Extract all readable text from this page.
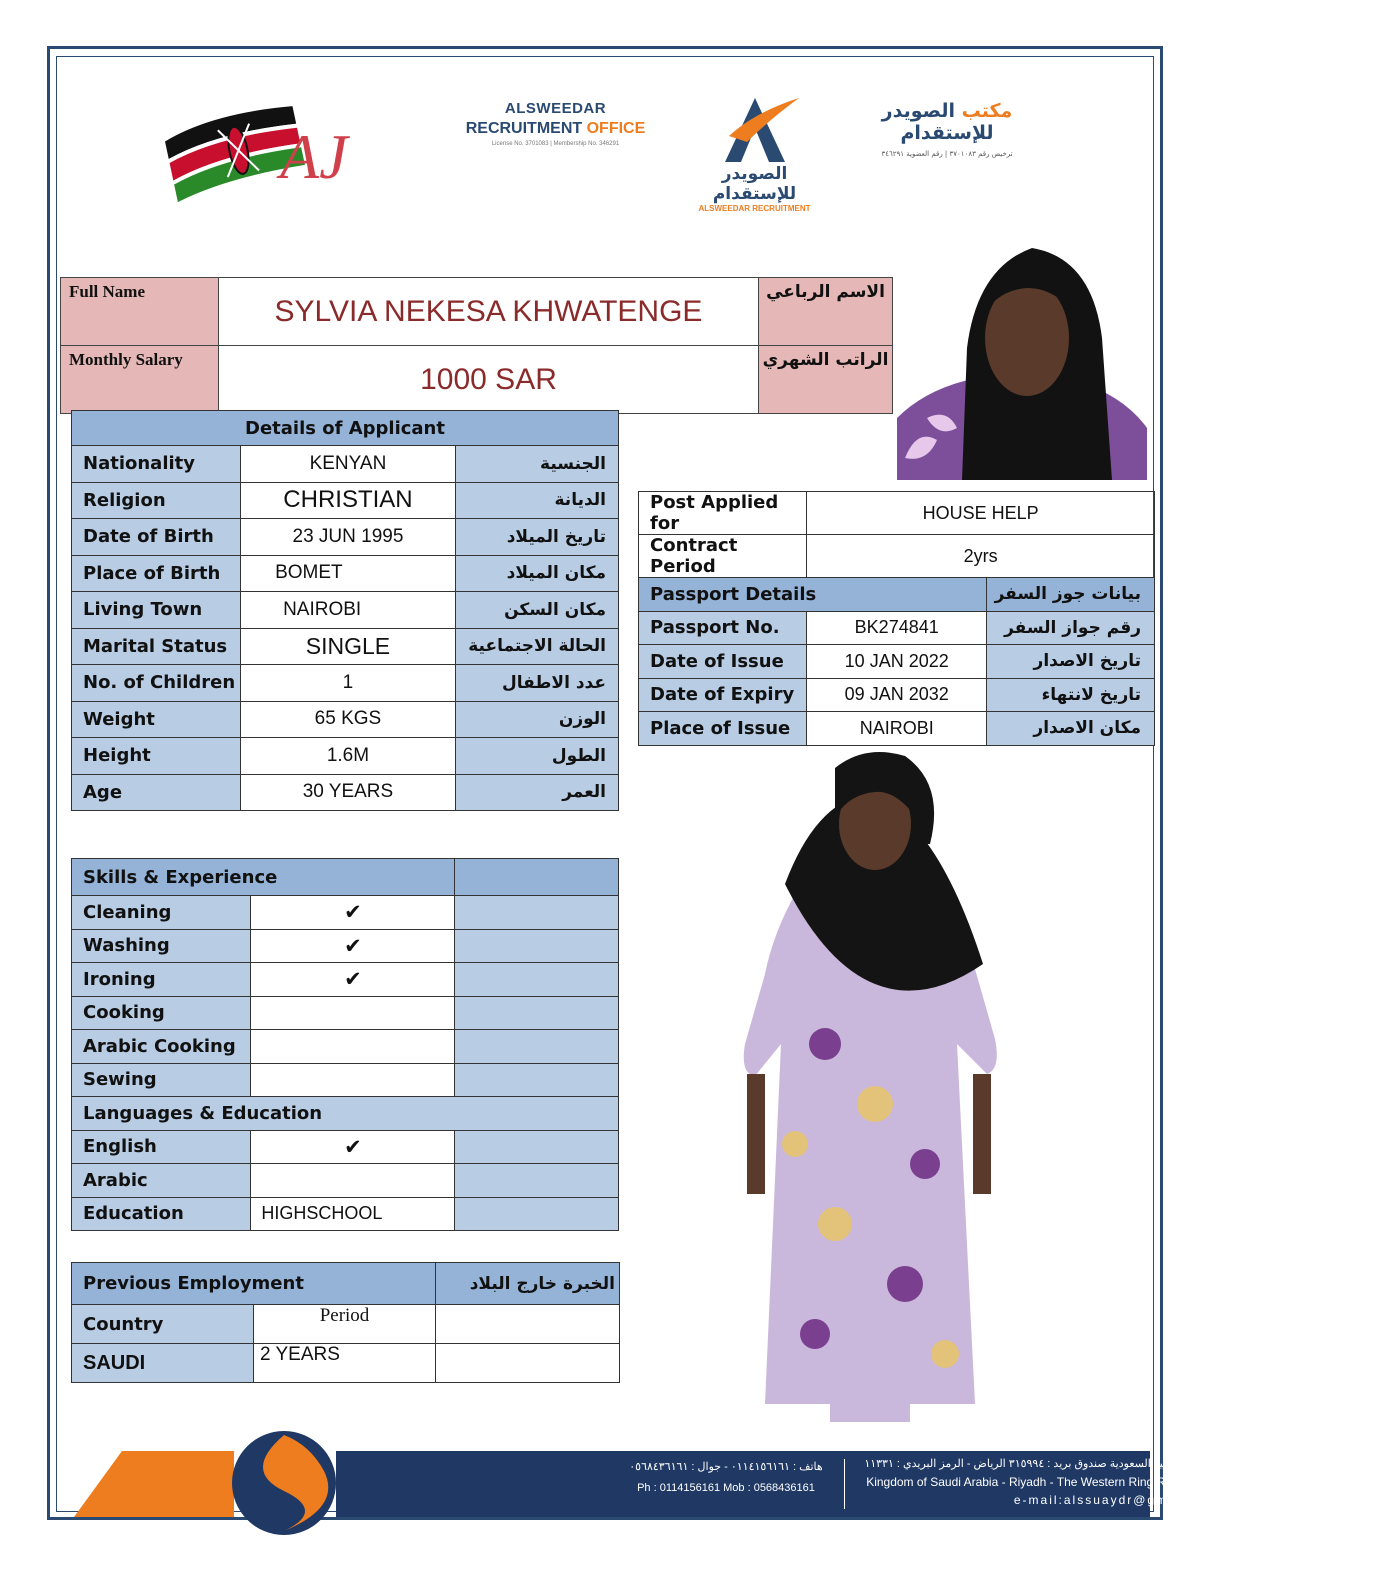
AJ
ALSWEEDAR
RECRUITMENT OFFICE
License No. 3701083 | Membership No. 346291
الصويدر للإستقدام
ALSWEEDAR RECRUITMENT
مكتب الصويدر للإستقدام
ترخيص رقم ٣٧٠١٠٨٣ | رقم العضوية ٣٤٦٢٩١
Full Name	SYLVIA NEKESA KHWATENGE	الاسم الرباعي
Monthly Salary	1000 SAR	الراتب الشهري
Details of Applicant		
Nationality	KENYAN	الجنسية
Religion	CHRISTIAN	الديانة
Date of Birth	23 JUN 1995	تاريخ الميلاد
Place of Birth	BOMET	مكان الميلاد
Living Town	NAIROBI	مكان السكن
Marital Status	SINGLE	الحالة الاجتماعية
No. of Children	1	عدد الاطفال
Weight	65 KGS	الوزن
Height	1.6M	الطول
Age	30 YEARS	العمر
Post Applied for	HOUSE HELP	
Contract Period	2yrs	
Passport Details		بيانات جوز السفر
Passport No.	BK274841	رقم جواز السفر
Date of Issue	10 JAN 2022	تاريخ الاصدار
Date of Expiry	09 JAN 2032	تاريخ لانتهاء
Place of Issue	NAIROBI	مكان الاصدار
Skills & Experience		
Cleaning	✔	
Washing	✔	
Ironing	✔	
Cooking		
Arabic Cooking		
Sewing		
Languages & Education		
English	✔	
Arabic		
Education	HIGHSCHOOL	
Previous Employment		الخبرة خارج البلاد
Country	Period	
SAUDI	2 YEARS	
هاتف : ٠١١٤١٥٦١٦١ - جوال : ٠٥٦٨٤٣٦١٦١
Ph : 0114156161 Mob : 0568436161
طريق الدائري الغربي - الرياض - المملكة العربية السعودية صندوق بريد : ٣١٥٩٩٤ الرياض - الرمز البريدي : ١١٣٣١
Kingdom of Saudi Arabia - Riyadh - The Western Ring Road - PostBox:315994 - Riyadh:11331
e-mail:alssuaydr@gmail.com
